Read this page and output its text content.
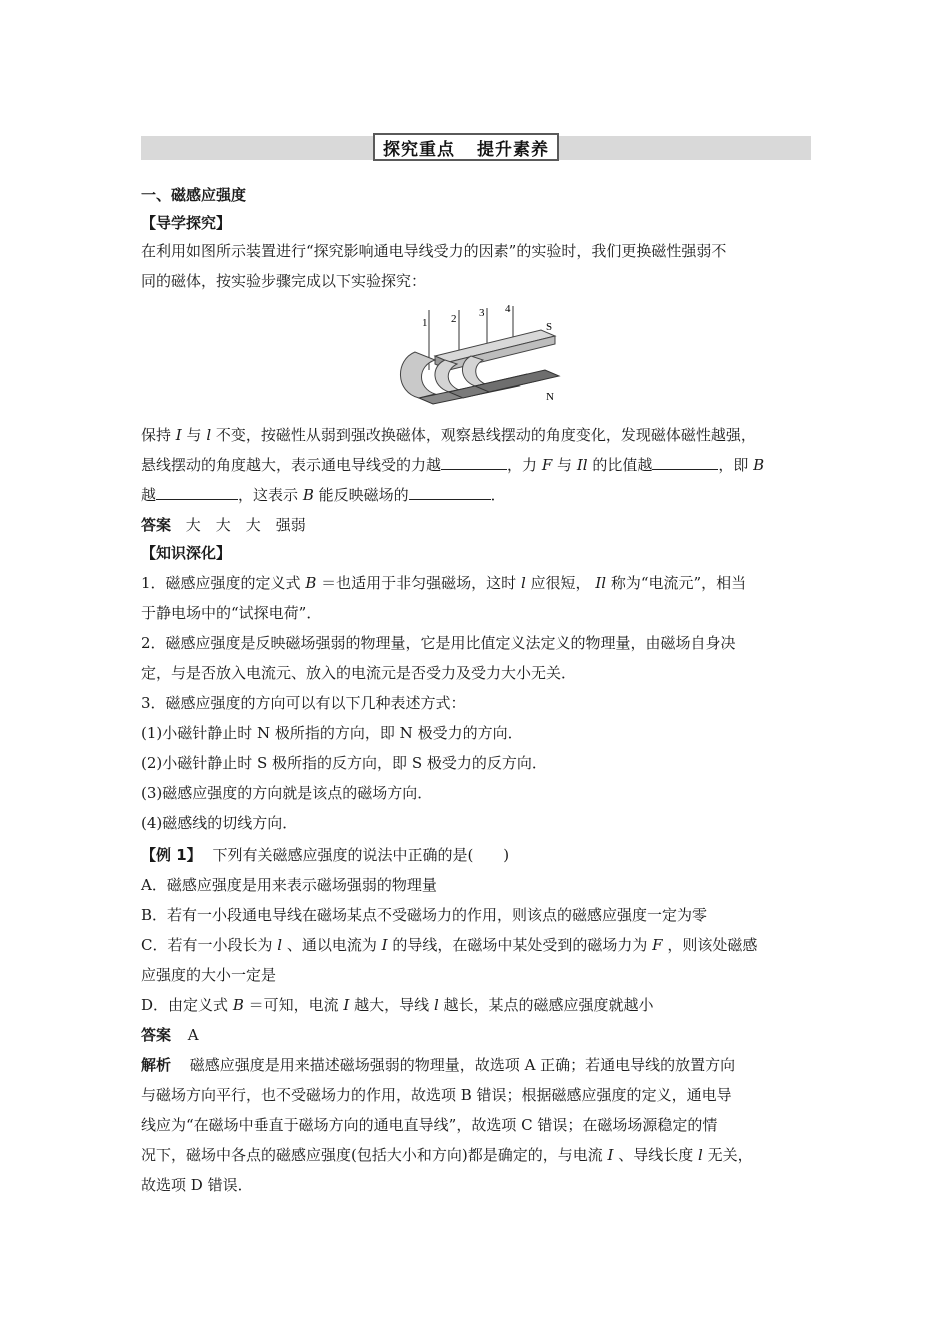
探究重点 提升素养
一、磁感应强度
【导学探究】
在利用如图所示装置进行“探究影响通电导线受力的因素”的实验时，我们更换磁性强弱不
同的磁体，按实验步骤完成以下实验探究：
1 2 3 4
S
N
保持 I 与 l 不变，按磁性从弱到强改换磁体，观察悬线摆动的角度变化，发现磁体磁性越强，
悬线摆动的角度越大，表示通电导线受的力越	，力 F 与 Il 的比值越	，即 B
越	，这表示 B 能反映磁场的	．
答案 大　大　大　强弱
【知识深化】
1．磁感应强度的定义式 B ＝也适用于非匀强磁场，这时 l 应很短， Il 称为“电流元”，相当
于静电场中的“试探电荷”．
2．磁感应强度是反映磁场强弱的物理量，它是用比值定义法定义的物理量，由磁场自身决
定，与是否放入电流元、放入的电流元是否受力及受力大小无关．
3．磁感应强度的方向可以有以下几种表述方式：
(1)小磁针静止时 N 极所指的方向，即 N 极受力的方向．
(2)小磁针静止时 S 极所指的反方向，即 S 极受力的反方向．
(3)磁感应强度的方向就是该点的磁场方向．
(4)磁感线的切线方向．
【例 1】 下列有关磁感应强度的说法中正确的是(　　)
A．磁感应强度是用来表示磁场强弱的物理量
B．若有一小段通电导线在磁场某点不受磁场力的作用，则该点的磁感应强度一定为零
C．若有一小段长为 l 、通以电流为 I 的导线，在磁场中某处受到的磁场力为 F ，则该处磁感
应强度的大小一定是
D．由定义式 B ＝可知，电流 I 越大，导线 l 越长，某点的磁感应强度就越小
答案 A
解析 磁感应强度是用来描述磁场强弱的物理量，故选项 A 正确；若通电导线的放置方向
与磁场方向平行，也不受磁场力的作用，故选项 B 错误；根据磁感应强度的定义，通电导
线应为“在磁场中垂直于磁场方向的通电直导线”，故选项 C 错误；在磁场场源稳定的情
况下，磁场中各点的磁感应强度(包括大小和方向)都是确定的，与电流 I 、导线长度 l 无关，
故选项 D 错误．
